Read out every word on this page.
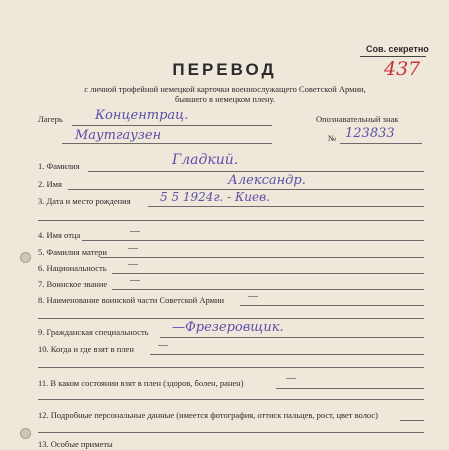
Сов. секретно
437
ПЕРЕВОД
с личной трофейной немецкой карточки военнослужащего Советской Армии,
бывшего в немецком плену.
Лагерь Концентрац.
Маутгаузен
Опознавательный знак
№ 123833
1. Фамилия	Гладкий.
2. Имя	Александр.
3. Дата и место рождения 5 5 1924г. - Киев.
4. Имя отца	—
5. Фамилия матери —
6. Национальность —
7. Воинское звание —
8. Наименование воинской части Советской Армии —
9. Гражданская специальность —Фрезеровщик.
10. Когда и где взят в плен —
11. В каком состоянии взят в плен (здоров, болен, ранен)	—
12. Подробные персональные данные (имеется фотография, оттиск пальцев, рост, цвет волос)
13. Особые приметы
